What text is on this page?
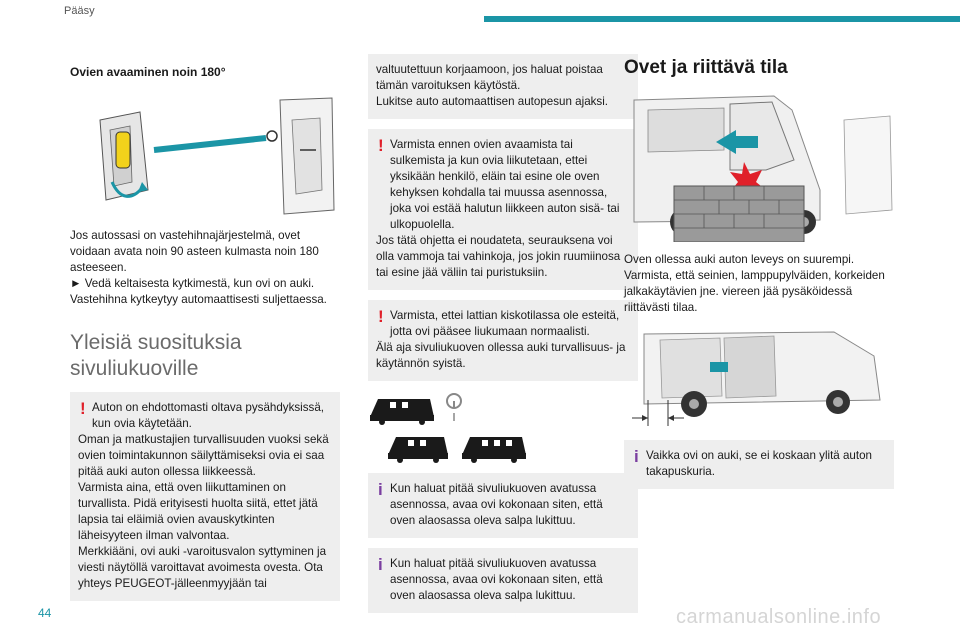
Pääsy

Ovien avaaminen noin 180°

Jos autossasi on vastehihnajärjestelmä, ovet voidaan avata noin 90 asteen kulmasta noin 180 asteeseen.

► Vedä keltaisesta kytkimestä, kun ovi on auki.

Vastehihna kytkeytyy automaattisesti suljettaessa.

Yleisiä suosituksia sivuliukuoville
! Auton on ehdottomasti oltava pysähdyksissä, kun ovia käytetään.

Oman ja matkustajien turvallisuuden vuoksi sekä ovien toimintakunnon säilyttämiseksi ovia ei saa pitää auki auton ollessa liikkeessä.

Varmista aina, että oven liikuttaminen on turvallista. Pidä erityisesti huolta siitä, ettet jätä lapsia tai eläimiä ovien avauskytkinten läheisyyteen ilman valvontaa.

Merkkiääni, ovi auki -varoitusvalon syttyminen ja viesti näytöllä varoittavat avoimesta ovesta. Ota yhteys PEUGEOT-jälleenmyyjään tai

valtuutettuun korjaamoon, jos haluat poistaa tämän varoituksen käytöstä.

Lukitse auto automaattisen autopesun ajaksi.

! Varmista ennen ovien avaamista tai sulkemista ja kun ovia liikutetaan, ettei yksikään henkilö, eläin tai esine ole oven kehyksen kohdalla tai muussa asennossa, joka voi estää halutun liikkeen auton sisä- tai ulkopuolella.

Jos tätä ohjetta ei noudateta, seurauksena voi olla vammoja tai vahinkoja, jos jokin ruumiinosa tai esine jää väliin tai puristuksiin.

! Varmista, ettei lattian kiskotilassa ole esteitä, jotta ovi pääsee liukumaan normaalisti.

Älä aja sivuliukuoven ollessa auki turvallisuus- ja käytännön syistä.

i Kun haluat pitää sivuliukuoven avatussa asennossa, avaa ovi kokonaan siten, että oven alaosassa oleva salpa lukittuu.

i Kun haluat pitää sivuliukuoven avatussa asennossa, avaa ovi kokonaan siten, että oven alaosassa oleva salpa lukittuu.

Ovet ja riittävä tila

Oven ollessa auki auton leveys on suurempi. Varmista, että seinien, lamppupylväiden, korkeiden jalkakäytävien jne. viereen jää pysäköidessä riittävästi tilaa.

i Vaikka ovi on auki, se ei koskaan ylitä auton takapuskuria.

44	carmanualsonline.info
